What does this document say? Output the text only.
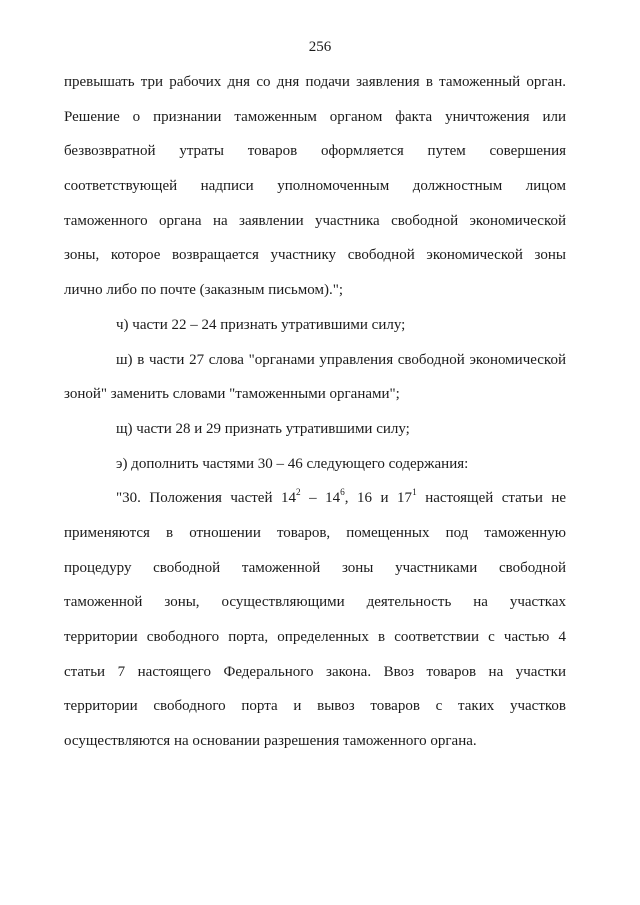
256
превышать три рабочих дня со дня подачи заявления в таможенный орган.
Решение о признании таможенным органом факта уничтожения или
безвозвратной утраты товаров оформляется путем совершения
соответствующей надписи уполномоченным должностным лицом
таможенного органа на заявлении участника свободной экономической
зоны, которое возвращается участнику свободной экономической зоны
лично либо по почте (заказным письмом).";
ч) части 22 – 24 признать утратившими силу;
ш) в части 27 слова "органами управления свободной экономической
зоной" заменить словами "таможенными органами";
щ) части 28 и 29 признать утратившими силу;
э) дополнить частями 30 – 46 следующего содержания:
"30. Положения частей $14^2 - 14^6$, 16 и $17^1$ настоящей статьи не
применяются в отношении товаров, помещенных под таможенную
процедуру свободной таможенной зоны участниками свободной
таможенной зоны, осуществляющими деятельность на участках
территории свободного порта, определенных в соответствии с частью 4
статьи 7 настоящего Федерального закона. Ввоз товаров на участки
территории свободного порта и вывоз товаров с таких участков
осуществляются на основании разрешения таможенного органа.
